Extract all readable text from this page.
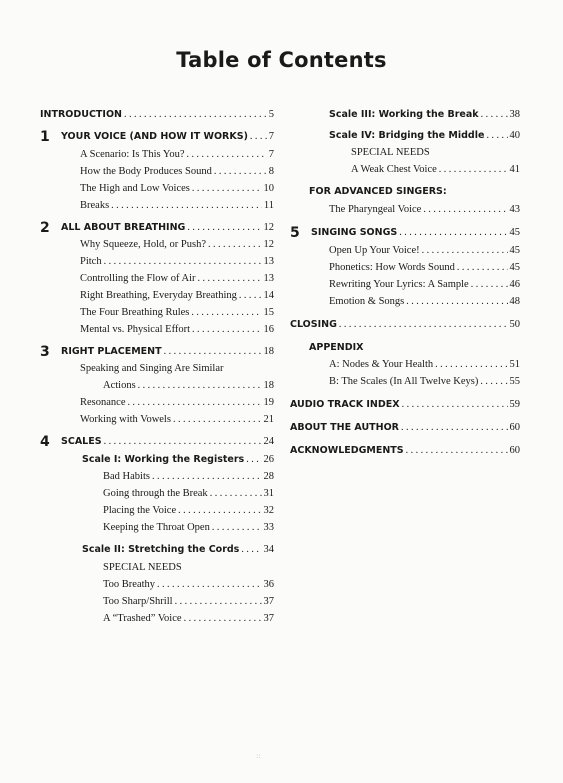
Table of Contents
INTRODUCTION . . .	5
1 YOUR VOICE (AND HOW IT WORKS) . . . 7
A Scenario: Is This You? . . .	7
How the Body Produces Sound . . .	8
The High and Low Voices . . .	10
Breaks . . .	11
2 ALL ABOUT BREATHING . . .	12
Why Squeeze, Hold, or Push? . . .	12
Pitch . . .	13
Controlling the Flow of Air . . .	13
Right Breathing, Everyday Breathing . . .	14
The Four Breathing Rules . . .	15
Mental vs. Physical Effort . . .	16
3 RIGHT PLACEMENT . . .	18
Speaking and Singing Are Similar
Actions . . .	18
Resonance . . .	19
Working with Vowels . . .	21
4 SCALES . . .	24
Scale I: Working the Registers . . . 26
Bad Habits . . .	28
Going through the Break . . .	31
Placing the Voice . . .	32
Keeping the Throat Open . . .	33
Scale II: Stretching the Cords . . . 34
SPECIAL NEEDS
Too Breathy . . .	36
Too Sharp/Shrill . . .	37
A “Trashed” Voice . . .	37
Scale III: Working the Break . . .	38
Scale IV: Bridging the Middle . . . 40
SPECIAL NEEDS
A Weak Chest Voice . . .	41
FOR ADVANCED SINGERS:
The Pharyngeal Voice . . .	43
5 SINGING SONGS . . .	45
Open Up Your Voice! . . .	45
Phonetics: How Words Sound . . .	45
Rewriting Your Lyrics: A Sample . . .	46
Emotion & Songs . . .	48
CLOSING . . .	50
APPENDIX
A: Nodes & Your Health . . .	51
B: The Scales (In All Twelve Keys) . . .	55
AUDIO TRACK INDEX . . .	59
ABOUT THE AUTHOR . . .	60
ACKNOWLEDGMENTS . . .	60
::
